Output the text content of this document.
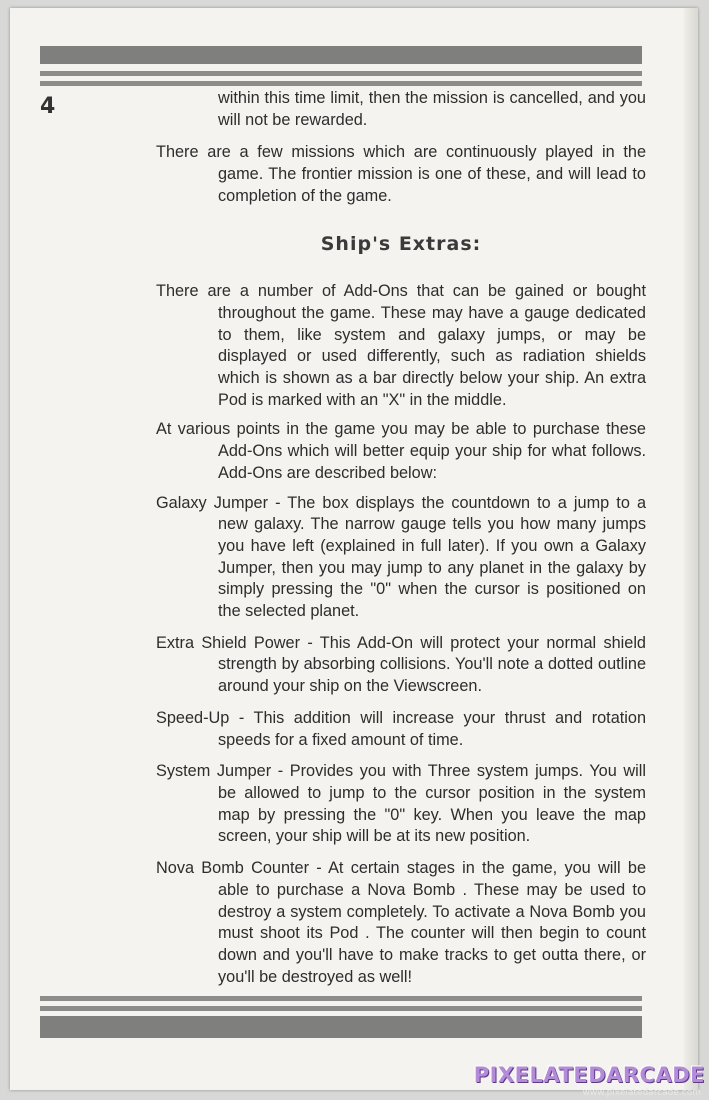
4	within this time limit, then the mission is cancelled, and you will not be rewarded.

There are a few missions which are continuously played in the game. The frontier mission is one of these, and will lead to completion of the game.

Ship's Extras:

There are a number of Add-Ons that can be gained or bought throughout the game. These may have a gauge dedicated to them, like system and galaxy jumps, or may be displayed or used differently, such as radiation shields which is shown as a bar directly below your ship. An extra Pod is marked with an "X" in the middle.

At various points in the game you may be able to purchase these Add-Ons which will better equip your ship for what follows. Add-Ons are described below:

Galaxy Jumper - The box displays the countdown to a jump to a new galaxy. The narrow gauge tells you how many jumps you have left (explained in full later). If you own a Galaxy Jumper, then you may jump to any planet in the galaxy by simply pressing the "0" when the cursor is positioned on the selected planet.

Extra Shield Power - This Add-On will protect your normal shield strength by absorbing collisions. You'll note a dotted outline around your ship on the Viewscreen.

Speed-Up - This addition will increase your thrust and rotation speeds for a fixed amount of time.

System Jumper - Provides you with Three system jumps. You will be allowed to jump to the cursor position in the system map by pressing the "0" key. When you leave the map screen, your ship will be at its new position.

Nova Bomb Counter - At certain stages in the game, you will be able to purchase a Nova Bomb . These may be used to destroy a system completely. To activate a Nova Bomb you must shoot its Pod . The counter will then begin to count down and you'll have to make tracks to get outta there, or you'll be destroyed as well!

PIXELATEDARCADE
www.pixelatedarcade.com
